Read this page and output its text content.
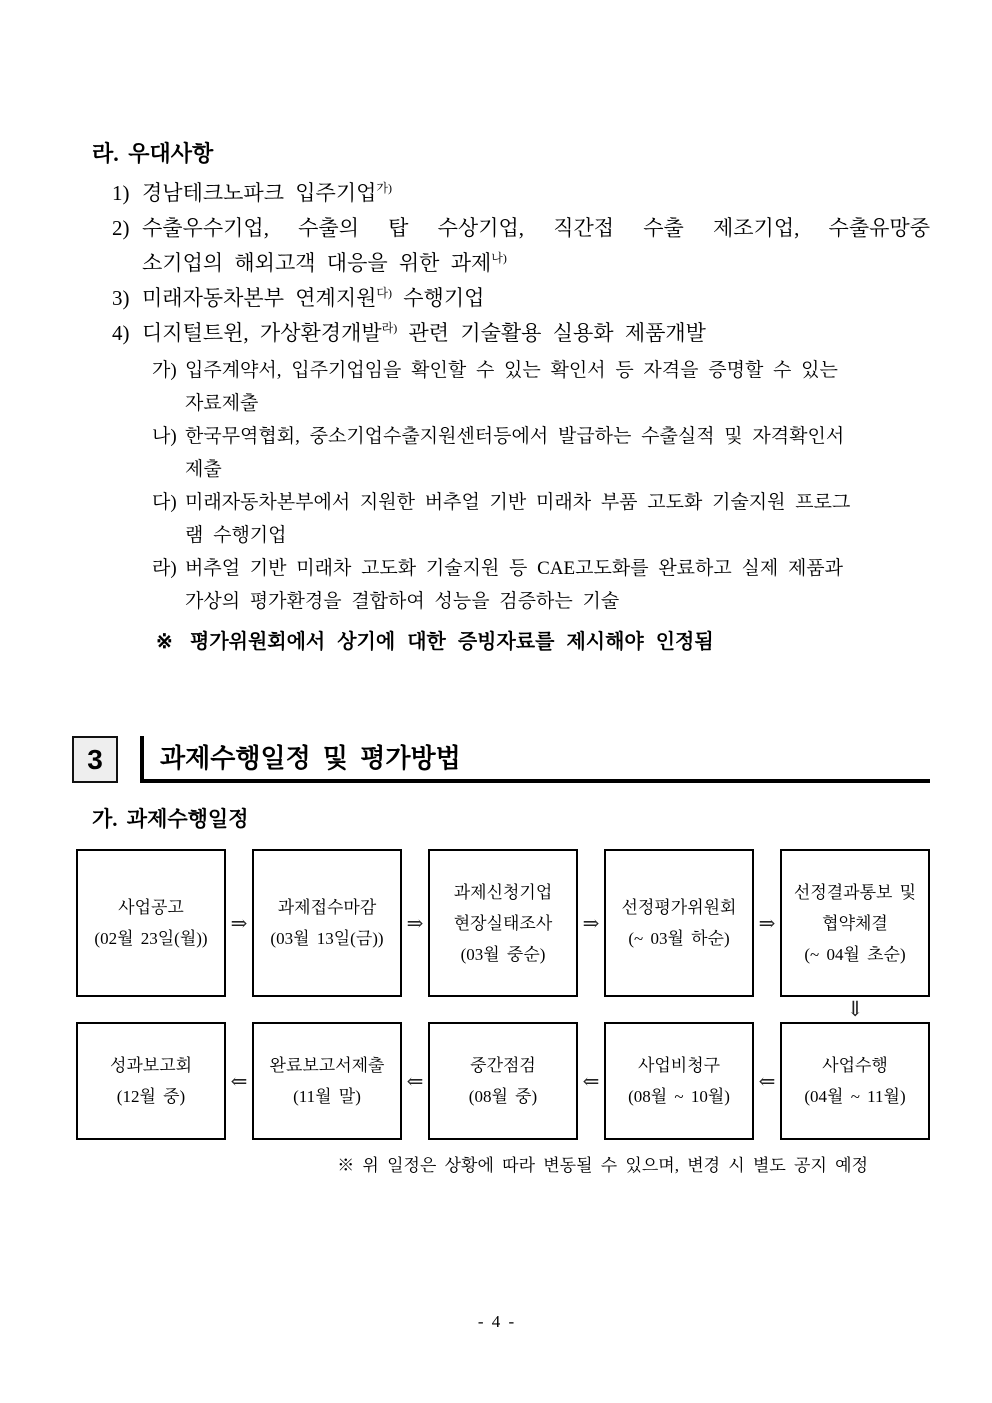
라. 우대사항
1) 경남테크노파크 입주기업$^{가)}$
2) 수출우수기업, 수출의 탑 수상기업, 직간접 수출 제조기업, 수출유망중
소기업의 해외고객 대응을 위한 과제$^{나)}$
3) 미래자동차본부 연계지원$^{다)}$ 수행기업
4) 디지털트윈, 가상환경개발$^{라)}$ 관련 기술활용 실용화 제품개발
가) 입주계약서, 입주기업임을 확인할 수 있는 확인서 등 자격을 증명할 수 있는
자료제출
나) 한국무역협회, 중소기업수출지원센터등에서 발급하는 수출실적 및 자격확인서
제출
다) 미래자동차본부에서 지원한 버추얼 기반 미래차 부품 고도화 기술지원 프로그
램 수행기업
라) 버추얼 기반 미래차 고도화 기술지원 등 CAE고도화를 완료하고 실제 제품과
가상의 평가환경을 결합하여 성능을 검증하는 기술
※ 평가위원회에서 상기에 대한 증빙자료를 제시해야 인정됨
3	과제수행일정 및 평가방법
가. 과제수행일정
사업공고
(02월 23일(월))
⇒
과제접수마감
(03월 13일(금))
⇒
과제신청기업
현장실태조사
(03월 중순)
⇒
선정평가위원회
(~ 03월 하순)
⇒
선정결과통보 및
협약체결
(~ 04월 초순)
⇓
성과보고회
(12월 중)
⇐
완료보고서제출
(11월 말)
⇐
중간점검
(08월 중)
⇐
사업비청구
(08월 ~ 10월)
⇐
사업수행
(04월 ~ 11월)
※ 위 일정은 상황에 따라 변동될 수 있으며, 변경 시 별도 공지 예정
- 4 -
